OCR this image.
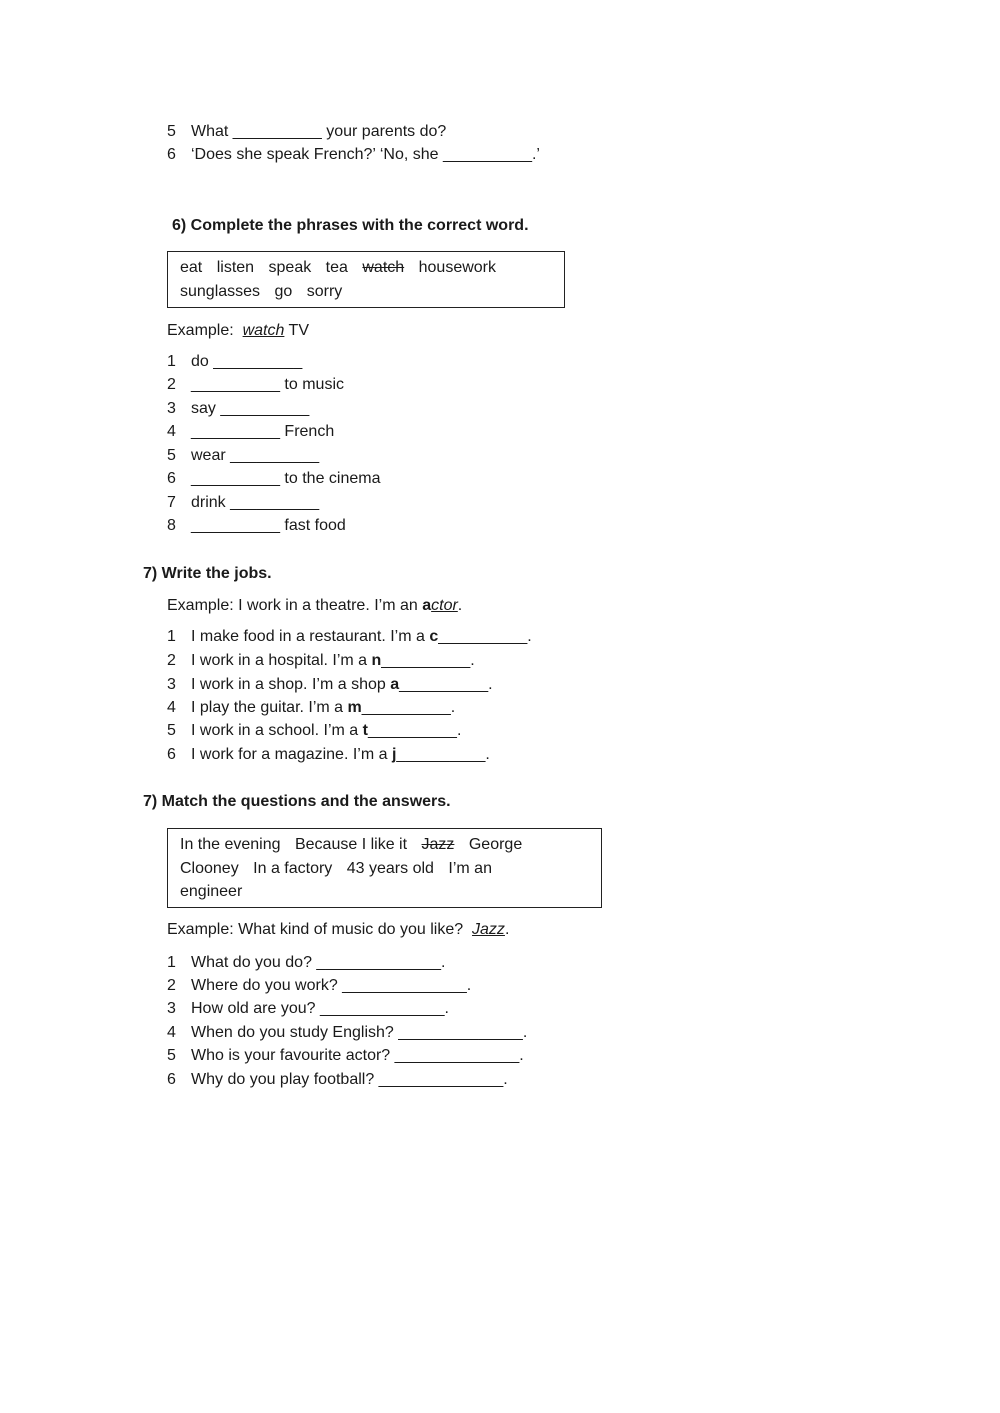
5 What __________ your parents do?
6 ‘Does she speak French?’ ‘No, she __________.’
6) Complete the phrases with the correct word.
eat listen speak tea watch housework
sunglasses go sorry
Example: watch TV
1 do __________
2 __________ to music
3 say __________
4 __________ French
5 wear __________
6 __________ to the cinema
7 drink __________
8 __________ fast food
7) Write the jobs.
Example: I work in a theatre. I’m an actor.
1 I make food in a restaurant. I’m a c__________.
2 I work in a hospital. I’m a n__________.
3 I work in a shop. I’m a shop a__________.
4 I play the guitar. I’m a m__________.
5 I work in a school. I’m a t__________.
6 I work for a magazine. I’m a j__________.
7) Match the questions and the answers.
In the evening Because I like it Jazz George
Clooney In a factory 43 years old I’m an
engineer
Example: What kind of music do you like? Jazz.
1 What do you do? ______________.
2 Where do you work? ______________.
3 How old are you? ______________.
4 When do you study English? ______________.
5 Who is your favourite actor? ______________.
6 Why do you play football? ______________.
